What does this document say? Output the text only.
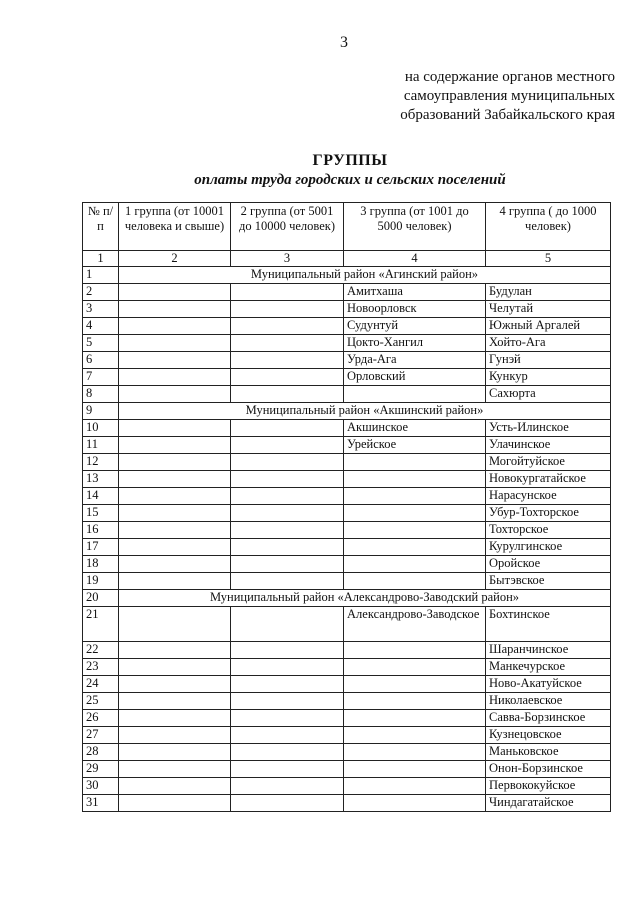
3
на содержание органов местного самоуправления муниципальных образований Забайкальского края
ГРУППЫ
оплаты труда городских и сельских поселений
№ п/п	1 группа (от 10001 человека и свыше)	2 группа (от 5001 до 10000 человек)	3 группа (от 1001 до 5000 человек)	4 группа ( до 1000 человек)
1	2	3	4	5
1	Муниципальный район «Агинский район»			
2			Амитхаша	Будулан
3			Новоорловск	Челутай
4			Судунтуй	Южный Аргалей
5			Цокто-Хангил	Хойто-Ага
6			Урда-Ага	Гунэй
7			Орловский	Кункур
8				Сахюрта
9	Муниципальный район «Акшинский район»			
10			Акшинское	Усть-Илинское
11			Урейское	Улачинское
12				Могойтуйское
13				Новокургатайское
14				Нарасунское
15				Убур-Тохторское
16				Тохторское
17				Курулгинское
18				Оройское
19				Бытэвское
20	Муниципальный район «Александрово-Заводский район»			
21			Александрово-Заводское	Бохтинское
22				Шаранчинское
23				Манкечурское
24				Ново-Акатуйское
25				Николаевское
26				Савва-Борзинское
27				Кузнецовское
28				Маньковское
29				Онон-Борзинское
30				Первококуйское
31				Чиндагатайское
